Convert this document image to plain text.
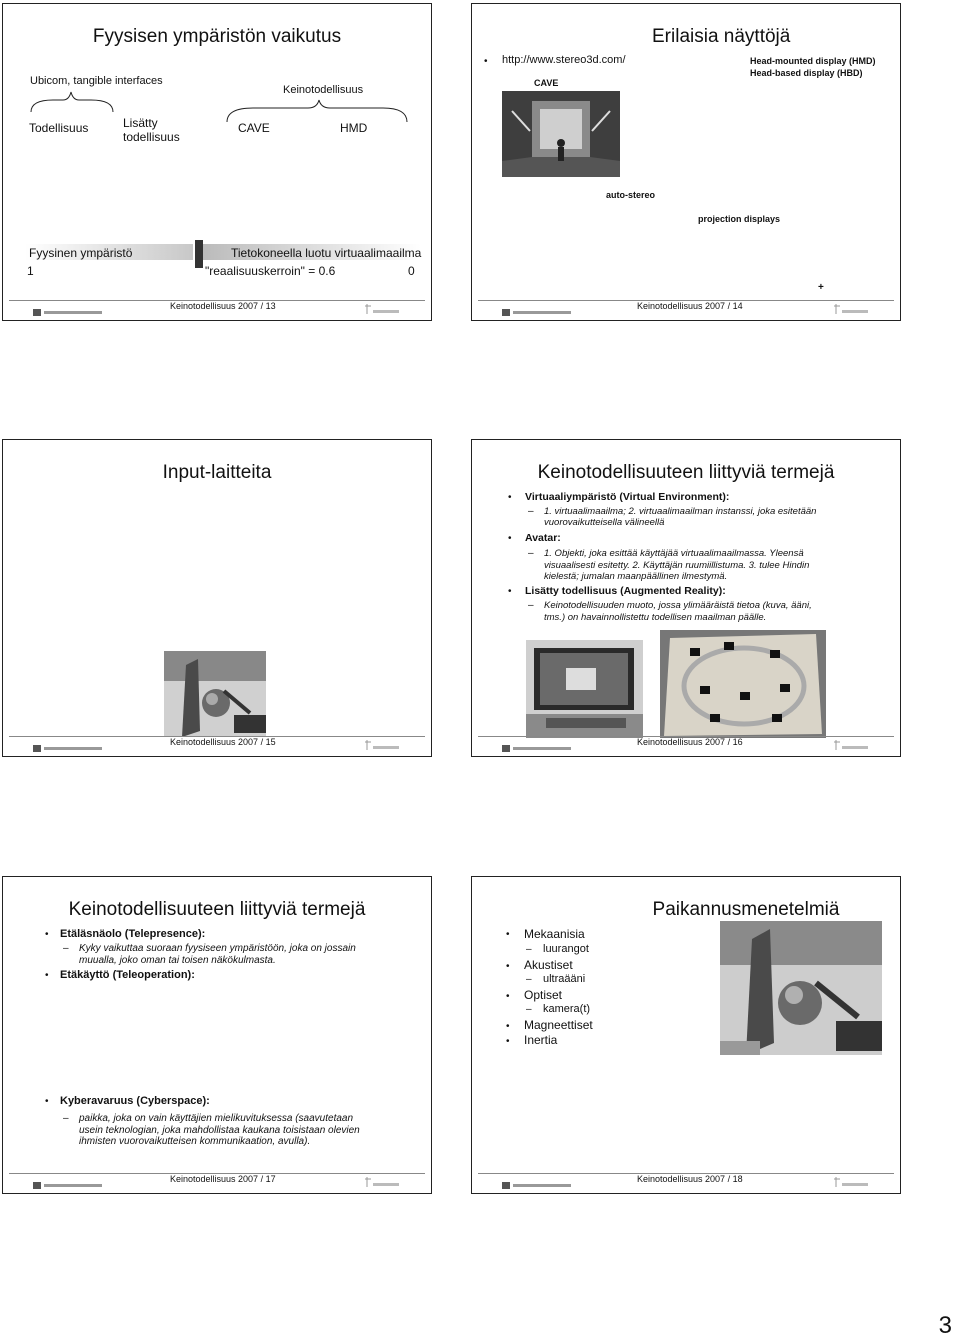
Fyysisen ympäristön vaikutus
Ubicom, tangible interfaces
Keinotodellisuus
Todellisuus	Lisätty
todellisuus
CAVE	HMD
Fyysinen ympäristö	Tietokoneella luotu virtuaalimaailma
1	"reaalisuuskerroin" = 0.6	0
Keinotodellisuus 2007 / 13
Erilaisia näyttöjä
• http://www.stereo3d.com/
CAVE
Head-mounted display (HMD)
Head-based display (HBD)
auto-stereo
projection displays
+
Keinotodellisuus 2007 / 14
Input-laitteita
Keinotodellisuus 2007 / 15
Keinotodellisuuteen liittyviä termejä
• Virtuaaliympäristö (Virtual Environment):
– 1. virtuaalimaailma; 2. virtuaalimaailman instanssi, joka esitetään
vuorovaikutteisella välineellä
• Avatar:
– 1. Objekti, joka esittää käyttäjää virtuaalimaailmassa. Yleensä
visuaalisesti esitetty. 2. Käyttäjän ruumiillistuma. 3. tulee Hindin
kielestä; jumalan maanpäällinen ilmestymä.
• Lisätty todellisuus (Augmented Reality):
– Keinotodellisuuden muoto, jossa ylimääräistä tietoa (kuva, ääni,
tms.) on havainnollistettu todellisen maailman päälle.
Keinotodellisuus 2007 / 16
Keinotodellisuuteen liittyviä termejä
• Etäläsnäolo (Telepresence):
– Kyky vaikuttaa suoraan fyysiseen ympäristöön, joka on jossain
muualla, joko oman tai toisen näkökulmasta.
• Etäkäyttö (Teleoperation):
• Kyberavaruus (Cyberspace):
– paikka, joka on vain käyttäjien mielikuvituksessa (saavutetaan
usein teknologian, joka mahdollistaa kaukana toisistaan olevien
ihmisten vuorovaikutteisen kommunikaation, avulla).
Keinotodellisuus 2007 / 17
Paikannusmenetelmiä
• Mekaanisia
– luurangot
• Akustiset
– ultraääni
• Optiset
– kamera(t)
• Magneettiset
• Inertia
Keinotodellisuus 2007 / 18
3
